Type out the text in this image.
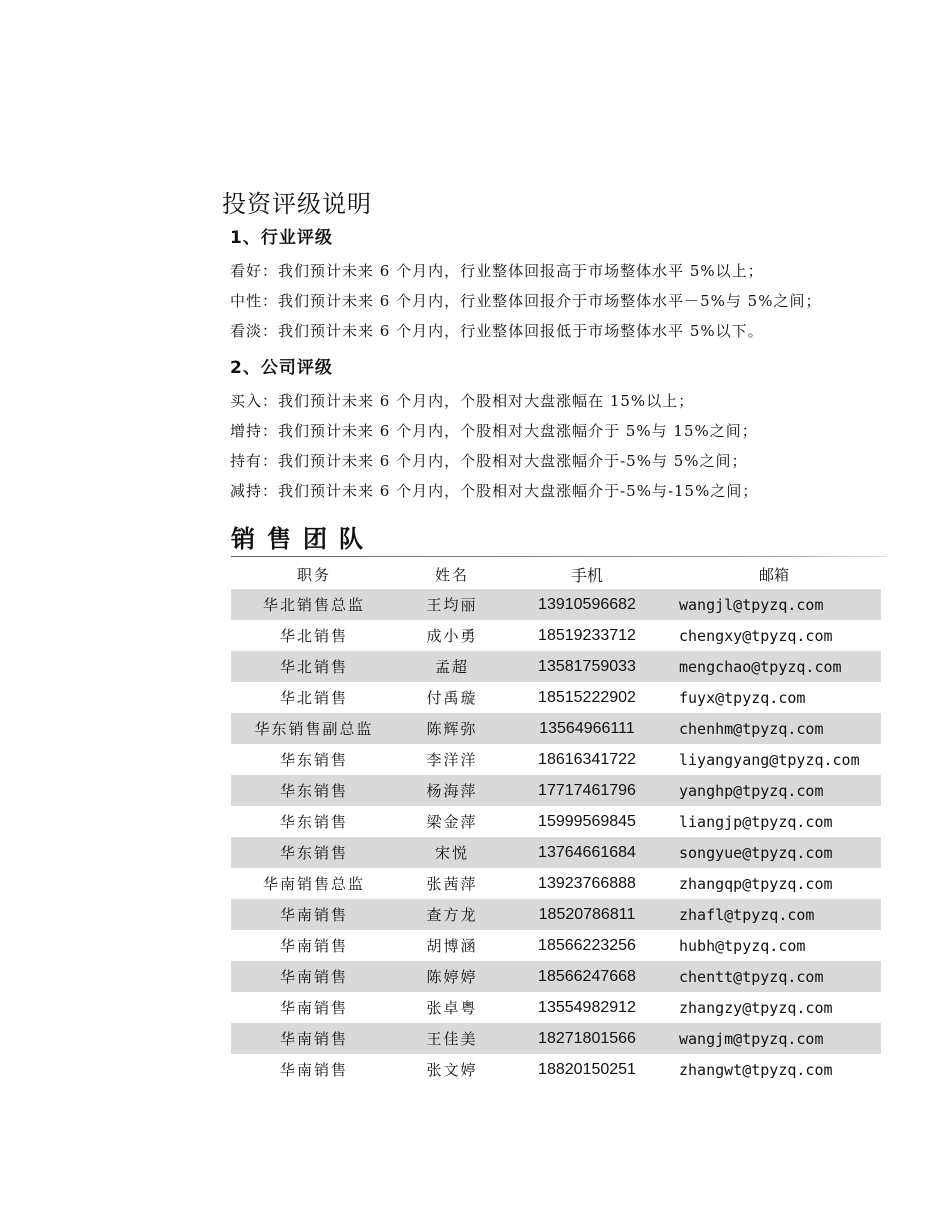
投资评级说明
1、行业评级
看好：我们预计未来 6 个月内，行业整体回报高于市场整体水平 5%以上；
中性：我们预计未来 6 个月内，行业整体回报介于市场整体水平－5%与 5%之间；
看淡：我们预计未来 6 个月内，行业整体回报低于市场整体水平 5%以下。
2、公司评级
买入：我们预计未来 6 个月内，个股相对大盘涨幅在 15%以上；
增持：我们预计未来 6 个月内，个股相对大盘涨幅介于 5%与 15%之间；
持有：我们预计未来 6 个月内，个股相对大盘涨幅介于-5%与 5%之间；
减持：我们预计未来 6 个月内，个股相对大盘涨幅介于-5%与-15%之间；
销售团队
职务	姓名	手机	邮箱
华北销售总监	王均丽	13910596682	wangjl@tpyzq.com
华北销售	成小勇	18519233712	chengxy@tpyzq.com
华北销售	孟超	13581759033	mengchao@tpyzq.com
华北销售	付禹璇	18515222902	fuyx@tpyzq.com
华东销售副总监	陈辉弥	13564966111	chenhm@tpyzq.com
华东销售	李洋洋	18616341722	liyangyang@tpyzq.com
华东销售	杨海萍	17717461796	yanghp@tpyzq.com
华东销售	梁金萍	15999569845	liangjp@tpyzq.com
华东销售	宋悦	13764661684	songyue@tpyzq.com
华南销售总监	张茜萍	13923766888	zhangqp@tpyzq.com
华南销售	查方龙	18520786811	zhafl@tpyzq.com
华南销售	胡博涵	18566223256	hubh@tpyzq.com
华南销售	陈婷婷	18566247668	chentt@tpyzq.com
华南销售	张卓粤	13554982912	zhangzy@tpyzq.com
华南销售	王佳美	18271801566	wangjm@tpyzq.com
华南销售	张文婷	18820150251	zhangwt@tpyzq.com
